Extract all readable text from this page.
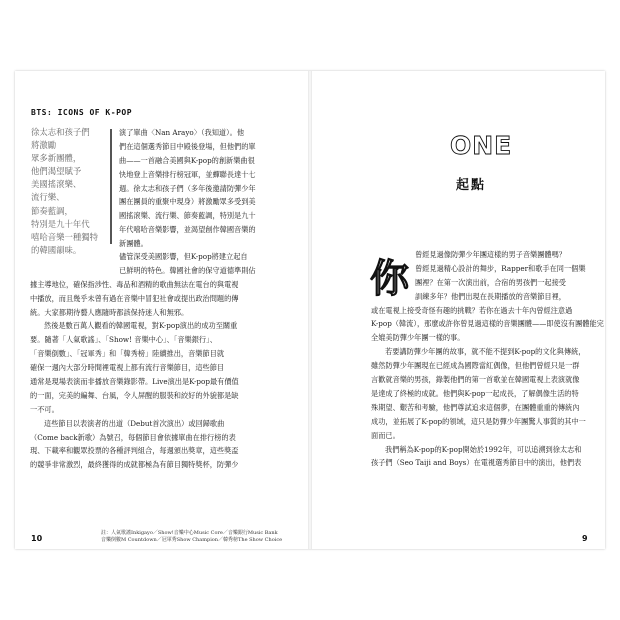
BTS: ICONS OF K-POP
徐太志和孩子們
將激勵
眾多新團體，
他們渴望賦予
美國搖滾樂、
流行樂、
節奏藍調，
特別是九十年代
嘻哈音樂一種獨特
的韓國韻味。
演了單曲〈Nan Arayo〉（我知道）。他
們在這個選秀節目中殿後登場，但他們的單
曲——一首融合美國與K-pop的創新樂曲很
快地登上音樂排行榜冠軍，並蟬聯長達十七
週。徐太志和孩子們（多年後邀請防彈少年
團在團員的重聚中現身）將激勵眾多受到美
國搖滾樂、流行樂、節奏藍調，特別是九十
年代嘻哈音樂影響，並渴望創作韓國音樂的
新團體。
儘管深受美國影響，但K-pop將建立起自
已鮮明的特色。韓國社會的保守道德準則佔
據主導地位，確保指涉性、毒品和酒精的歌曲無法在電台的與電視
中播放，而且幾乎未曾有過在音樂中冒犯社會或提出政治問題的傳
統。大家都期待藝人應隨時都該保持迷人和無邪。
然後是數百萬人觀看的韓國電視，對K-pop演出的成功至關重
要。隨著「人氣歌謠」、「Show! 音樂中心」、「音樂銀行」、
「音樂倒數」、「冠軍秀」和「韓秀榜」陸續推出，音樂節目就
確保一週內大部分時間裡電視上都有流行音樂節目，這些節目
通常是現場表演而非播放音樂錄影帶。Live演出是K-pop最有價值
的一面，完美的編舞、台風，令人屏醒的服裝和絞好的外貌都是缺
一不可。
這些節目以表演者的出道（Debut首次演出）或回歸歌曲
（Come back新歌）為號召，每個節目會依據單曲在排行榜的表
現、下載率和觀眾投票的各種評判組合，每週頒出獎章，這些獎盃
的競爭非常激烈，最終獲得的成就都極為有節目獨特獎杯，防彈少
10
註：人氣歌謠Inkigayo／Show!音樂中心Music Core／音樂銀行Music Bank
音樂倒數M Countdown／冠軍秀Show Champion／韓秀榜The Show Choice
ONE
起點
你
曾經見過像防彈少年團這樣的男子音樂團體嗎？
曾經見過精心設計的舞步，Rapper和歌手在同一個樂
團裡？在第一次演出前，合宿的男孩們一起接受
訓練多年？他們出現在長期播放的音樂節目裡，
或在電視上接受奇怪有趣的挑戰？若你在過去十年內曾經注意過
K-pop（韓流），那麼或許你曾見過這樣的音樂團體——即使沒有團體能完
全媲美防彈少年團一樣的事。
若要講防彈少年團的故事，就不能不提到K-pop的文化與傳統，
雖然防彈少年團現在已經成為國際當紅偶像，但他們曾經只是一群
言歡就音樂的男孩，錄製他們的第一首歌並在韓國電視上表演就像
是達成了終極的成就。他們與K-pop一起成長，了解偶像生活的特
殊期望、艱苦和考驗，他們尊試追求這個夢，在團體重重的傳統內
成功，並拓展了K-pop的領域，這只是防彈少年團驚人事質的其中一
面而已。
我們稱為K-pop的K-pop開始於1992年，可以追溯到徐太志和
孩子們（Seo Taiji and Boys）在電視選秀節目中的演出，他們表
9
